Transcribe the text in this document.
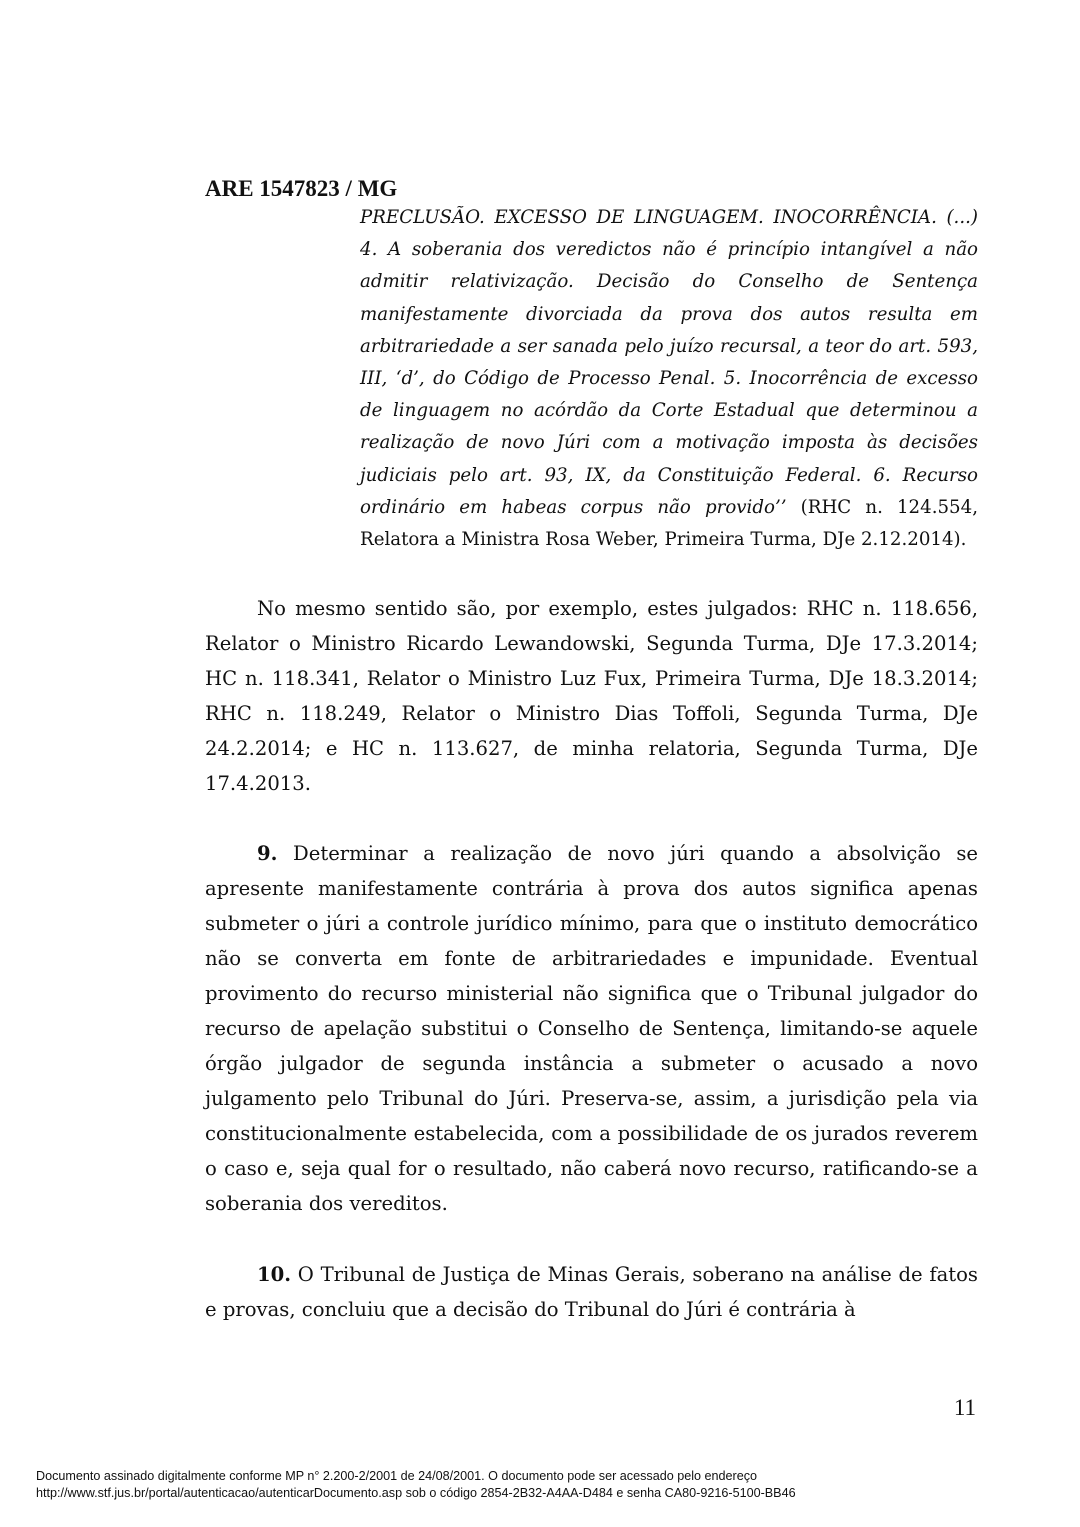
ARE 1547823 / MG
PRECLUSÃO. EXCESSO DE LINGUAGEM. INOCORRÊNCIA. (...) 4. A soberania dos veredictos não é princípio intangível a não admitir relativização. Decisão do Conselho de Sentença manifestamente divorciada da prova dos autos resulta em arbitrariedade a ser sanada pelo juízo recursal, a teor do art. 593, III, ‘d’, do Código de Processo Penal. 5. Inocorrência de excesso de linguagem no acórdão da Corte Estadual que determinou a realização de novo Júri com a motivação imposta às decisões judiciais pelo art. 93, IX, da Constituição Federal. 6. Recurso ordinário em habeas corpus não provido’’ (RHC n. 124.554, Relatora a Ministra Rosa Weber, Primeira Turma, DJe 2.12.2014).
No mesmo sentido são, por exemplo, estes julgados: RHC n. 118.656, Relator o Ministro Ricardo Lewandowski, Segunda Turma, DJe 17.3.2014; HC n. 118.341, Relator o Ministro Luz Fux, Primeira Turma, DJe 18.3.2014; RHC n. 118.249, Relator o Ministro Dias Toffoli, Segunda Turma, DJe 24.2.2014; e HC n. 113.627, de minha relatoria, Segunda Turma, DJe 17.4.2013.
9. Determinar a realização de novo júri quando a absolvição se apresente manifestamente contrária à prova dos autos significa apenas submeter o júri a controle jurídico mínimo, para que o instituto democrático não se converta em fonte de arbitrariedades e impunidade. Eventual provimento do recurso ministerial não significa que o Tribunal julgador do recurso de apelação substitui o Conselho de Sentença, limitando-se aquele órgão julgador de segunda instância a submeter o acusado a novo julgamento pelo Tribunal do Júri. Preserva-se, assim, a jurisdição pela via constitucionalmente estabelecida, com a possibilidade de os jurados reverem o caso e, seja qual for o resultado, não caberá novo recurso, ratificando-se a soberania dos vereditos.
10. O Tribunal de Justiça de Minas Gerais, soberano na análise de fatos e provas, concluiu que a decisão do Tribunal do Júri é contrária à
11
Documento assinado digitalmente conforme MP n° 2.200-2/2001 de 24/08/2001. O documento pode ser acessado pelo endereço
http://www.stf.jus.br/portal/autenticacao/autenticarDocumento.asp sob o código 2854-2B32-A4AA-D484 e senha CA80-9216-5100-BB46
